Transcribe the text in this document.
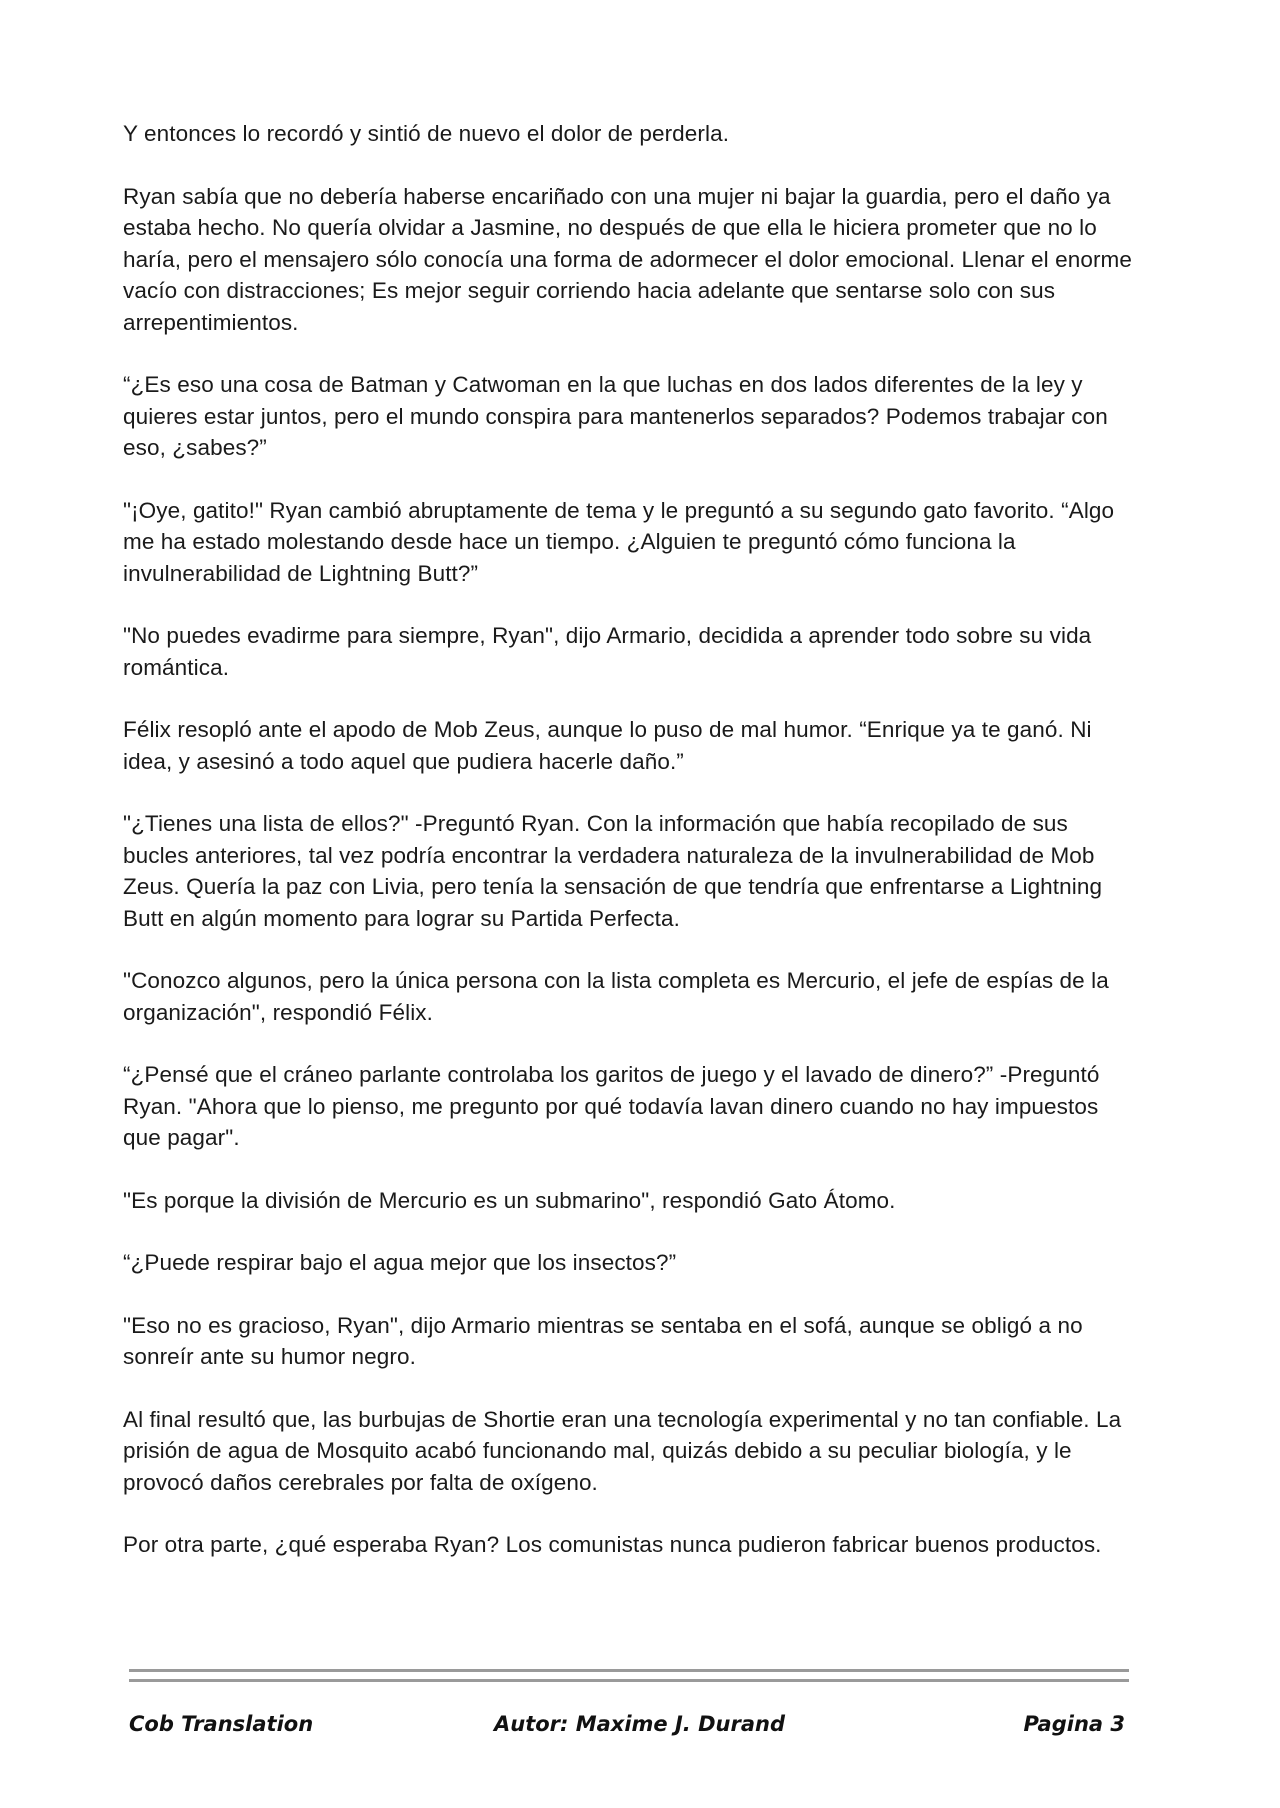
Y entonces lo recordó y sintió de nuevo el dolor de perderla.

Ryan sabía que no debería haberse encariñado con una mujer ni bajar la guardia, pero el daño ya estaba hecho. No quería olvidar a Jasmine, no después de que ella le hiciera prometer que no lo haría, pero el mensajero sólo conocía una forma de adormecer el dolor emocional. Llenar el enorme vacío con distracciones; Es mejor seguir corriendo hacia adelante que sentarse solo con sus arrepentimientos.

“¿Es eso una cosa de Batman y Catwoman en la que luchas en dos lados diferentes de la ley y quieres estar juntos, pero el mundo conspira para mantenerlos separados? Podemos trabajar con eso, ¿sabes?”

"¡Oye, gatito!" Ryan cambió abruptamente de tema y le preguntó a su segundo gato favorito. “Algo me ha estado molestando desde hace un tiempo. ¿Alguien te preguntó cómo funciona la invulnerabilidad de Lightning Butt?”

"No puedes evadirme para siempre, Ryan", dijo Armario, decidida a aprender todo sobre su vida romántica.

Félix resopló ante el apodo de Mob Zeus, aunque lo puso de mal humor. “Enrique ya te ganó. Ni idea, y asesinó a todo aquel que pudiera hacerle daño.”

"¿Tienes una lista de ellos?" -Preguntó Ryan. Con la información que había recopilado de sus bucles anteriores, tal vez podría encontrar la verdadera naturaleza de la invulnerabilidad de Mob Zeus. Quería la paz con Livia, pero tenía la sensación de que tendría que enfrentarse a Lightning Butt en algún momento para lograr su Partida Perfecta.

"Conozco algunos, pero la única persona con la lista completa es Mercurio, el jefe de espías de la organización", respondió Félix.

“¿Pensé que el cráneo parlante controlaba los garitos de juego y el lavado de dinero?” -Preguntó Ryan. "Ahora que lo pienso, me pregunto por qué todavía lavan dinero cuando no hay impuestos que pagar".

"Es porque la división de Mercurio es un submarino", respondió Gato Átomo.

“¿Puede respirar bajo el agua mejor que los insectos?”

"Eso no es gracioso, Ryan", dijo Armario mientras se sentaba en el sofá, aunque se obligó a no sonreír ante su humor negro.

Al final resultó que, las burbujas de Shortie eran una tecnología experimental y no tan confiable. La prisión de agua de Mosquito acabó funcionando mal, quizás debido a su peculiar biología, y le provocó daños cerebrales por falta de oxígeno.

Por otra parte, ¿qué esperaba Ryan? Los comunistas nunca pudieron fabricar buenos productos.

Cob Translation	Autor: Maxime J. Durand	Pagina 3
